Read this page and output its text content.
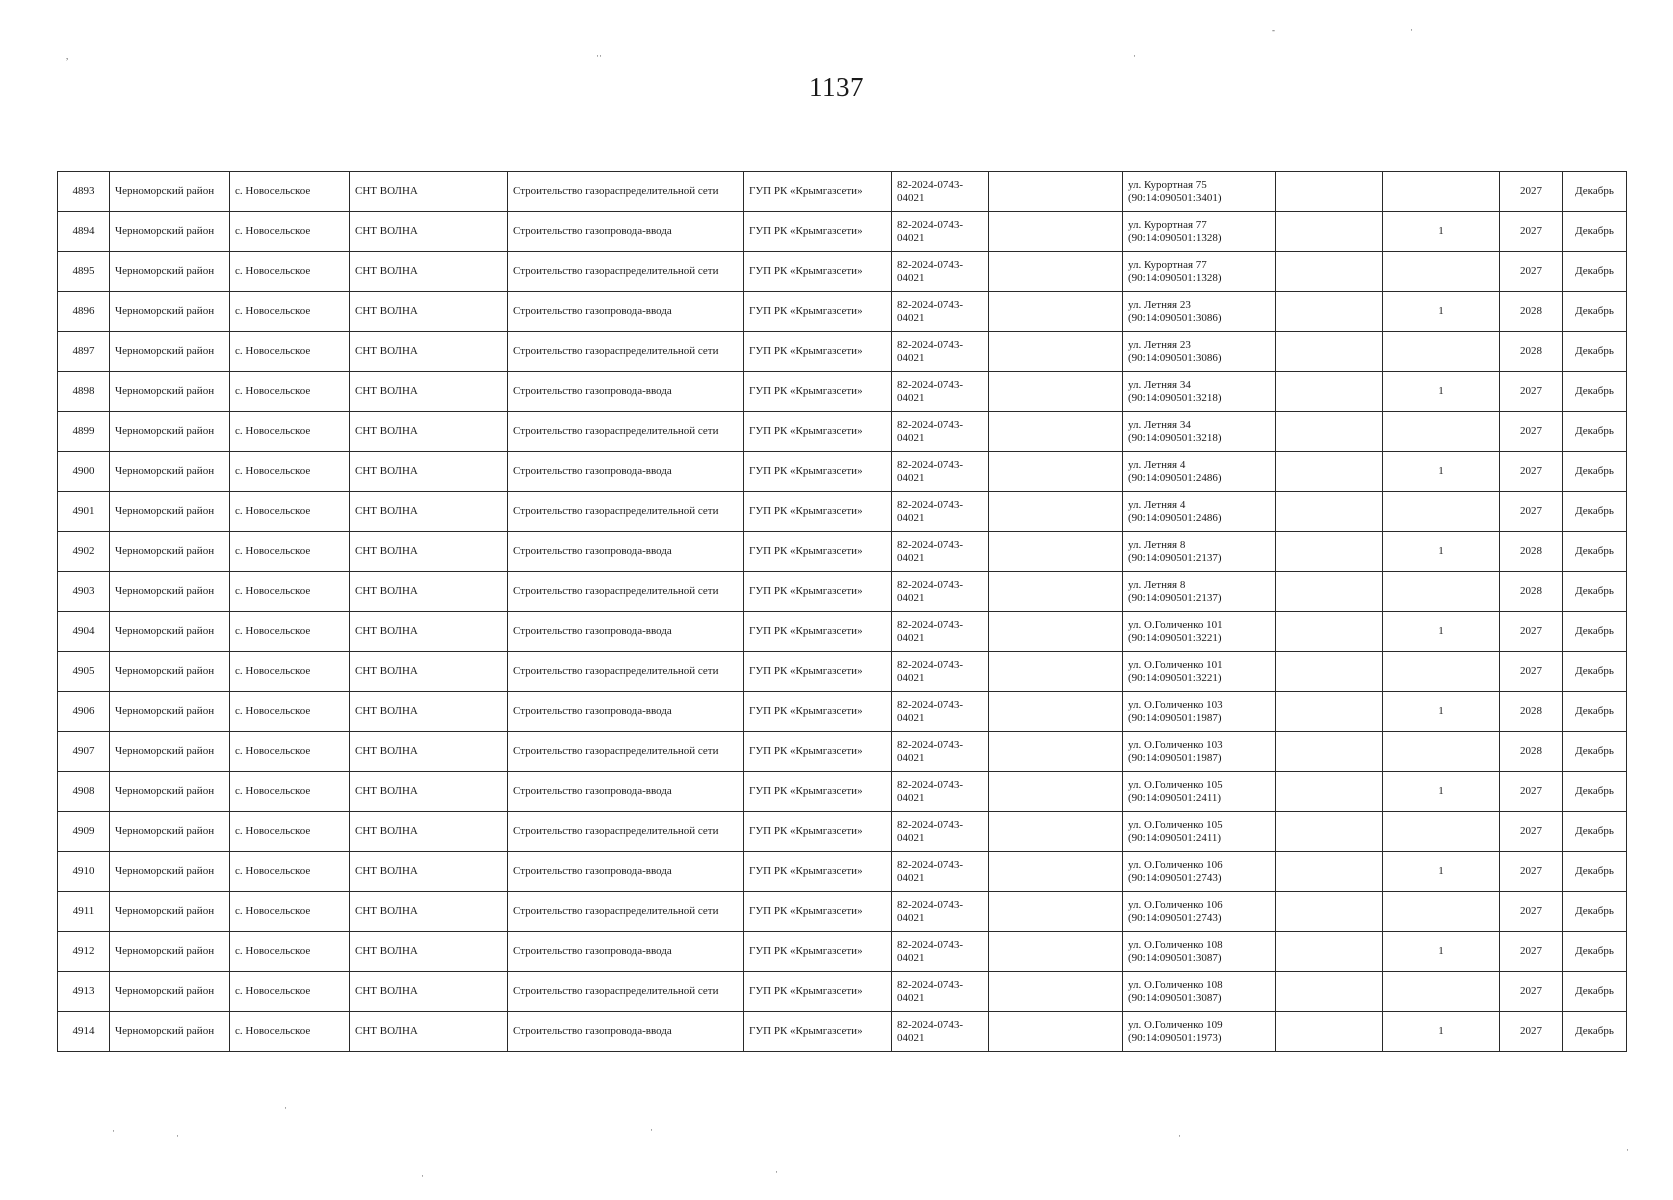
1137
,	··	·
-	·
·	·
·
·
·
·
·	·
4893	Черноморский район	с. Новосельское	СНТ ВОЛНА	Строительство газораспределительной сети	ГУП РК «Крымгазсети»	82-2024-0743-04021		ул. Курортная 75 (90:14:090501:3401)			2027	Декабрь
4894	Черноморский район	с. Новосельское	СНТ ВОЛНА	Строительство газопровода-ввода	ГУП РК «Крымгазсети»	82-2024-0743-04021		ул. Курортная 77 (90:14:090501:1328)		1	2027	Декабрь
4895	Черноморский район	с. Новосельское	СНТ ВОЛНА	Строительство газораспределительной сети	ГУП РК «Крымгазсети»	82-2024-0743-04021		ул. Курортная 77 (90:14:090501:1328)			2027	Декабрь
4896	Черноморский район	с. Новосельское	СНТ ВОЛНА	Строительство газопровода-ввода	ГУП РК «Крымгазсети»	82-2024-0743-04021		ул. Летняя 23 (90:14:090501:3086)		1	2028	Декабрь
4897	Черноморский район	с. Новосельское	СНТ ВОЛНА	Строительство газораспределительной сети	ГУП РК «Крымгазсети»	82-2024-0743-04021		ул. Летняя 23 (90:14:090501:3086)			2028	Декабрь
4898	Черноморский район	с. Новосельское	СНТ ВОЛНА	Строительство газопровода-ввода	ГУП РК «Крымгазсети»	82-2024-0743-04021		ул. Летняя 34 (90:14:090501:3218)		1	2027	Декабрь
4899	Черноморский район	с. Новосельское	СНТ ВОЛНА	Строительство газораспределительной сети	ГУП РК «Крымгазсети»	82-2024-0743-04021		ул. Летняя 34 (90:14:090501:3218)			2027	Декабрь
4900	Черноморский район	с. Новосельское	СНТ ВОЛНА	Строительство газопровода-ввода	ГУП РК «Крымгазсети»	82-2024-0743-04021		ул. Летняя 4 (90:14:090501:2486)		1	2027	Декабрь
4901	Черноморский район	с. Новосельское	СНТ ВОЛНА	Строительство газораспределительной сети	ГУП РК «Крымгазсети»	82-2024-0743-04021		ул. Летняя 4 (90:14:090501:2486)			2027	Декабрь
4902	Черноморский район	с. Новосельское	СНТ ВОЛНА	Строительство газопровода-ввода	ГУП РК «Крымгазсети»	82-2024-0743-04021		ул. Летняя 8 (90:14:090501:2137)		1	2028	Декабрь
4903	Черноморский район	с. Новосельское	СНТ ВОЛНА	Строительство газораспределительной сети	ГУП РК «Крымгазсети»	82-2024-0743-04021		ул. Летняя 8 (90:14:090501:2137)			2028	Декабрь
4904	Черноморский район	с. Новосельское	СНТ ВОЛНА	Строительство газопровода-ввода	ГУП РК «Крымгазсети»	82-2024-0743-04021		ул. О.Голиченко 101 (90:14:090501:3221)		1	2027	Декабрь
4905	Черноморский район	с. Новосельское	СНТ ВОЛНА	Строительство газораспределительной сети	ГУП РК «Крымгазсети»	82-2024-0743-04021		ул. О.Голиченко 101 (90:14:090501:3221)			2027	Декабрь
4906	Черноморский район	с. Новосельское	СНТ ВОЛНА	Строительство газопровода-ввода	ГУП РК «Крымгазсети»	82-2024-0743-04021		ул. О.Голиченко 103 (90:14:090501:1987)		1	2028	Декабрь
4907	Черноморский район	с. Новосельское	СНТ ВОЛНА	Строительство газораспределительной сети	ГУП РК «Крымгазсети»	82-2024-0743-04021		ул. О.Голиченко 103 (90:14:090501:1987)			2028	Декабрь
4908	Черноморский район	с. Новосельское	СНТ ВОЛНА	Строительство газопровода-ввода	ГУП РК «Крымгазсети»	82-2024-0743-04021		ул. О.Голиченко 105 (90:14:090501:2411)		1	2027	Декабрь
4909	Черноморский район	с. Новосельское	СНТ ВОЛНА	Строительство газораспределительной сети	ГУП РК «Крымгазсети»	82-2024-0743-04021		ул. О.Голиченко 105 (90:14:090501:2411)			2027	Декабрь
4910	Черноморский район	с. Новосельское	СНТ ВОЛНА	Строительство газопровода-ввода	ГУП РК «Крымгазсети»	82-2024-0743-04021		ул. О.Голиченко 106 (90:14:090501:2743)		1	2027	Декабрь
4911	Черноморский район	с. Новосельское	СНТ ВОЛНА	Строительство газораспределительной сети	ГУП РК «Крымгазсети»	82-2024-0743-04021		ул. О.Голиченко 106 (90:14:090501:2743)			2027	Декабрь
4912	Черноморский район	с. Новосельское	СНТ ВОЛНА	Строительство газопровода-ввода	ГУП РК «Крымгазсети»	82-2024-0743-04021		ул. О.Голиченко 108 (90:14:090501:3087)		1	2027	Декабрь
4913	Черноморский район	с. Новосельское	СНТ ВОЛНА	Строительство газораспределительной сети	ГУП РК «Крымгазсети»	82-2024-0743-04021		ул. О.Голиченко 108 (90:14:090501:3087)			2027	Декабрь
4914	Черноморский район	с. Новосельское	СНТ ВОЛНА	Строительство газопровода-ввода	ГУП РК «Крымгазсети»	82-2024-0743-04021		ул. О.Голиченко 109 (90:14:090501:1973)		1	2027	Декабрь
